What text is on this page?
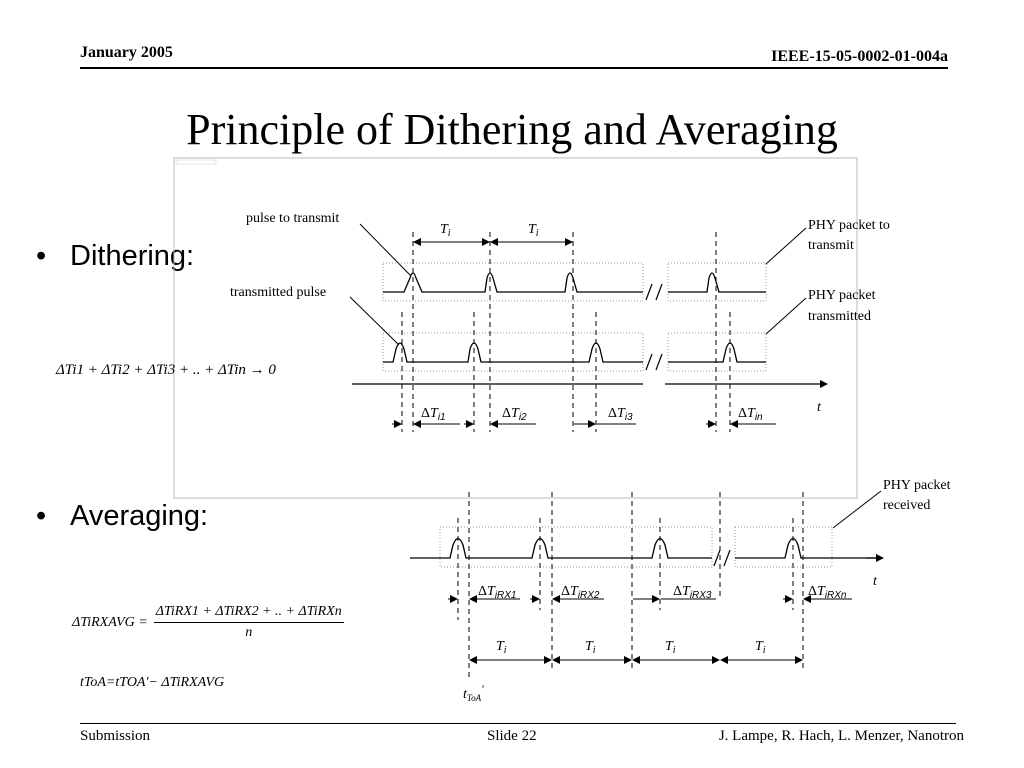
January 2005	IEEE-15-05-0002-01-004a
Principle of Dithering and Averaging
• Dithering:
• Averaging:
t
$T_i$	$T_i$
$\Delta T_{i1}$	$\Delta T_{i2}$	$\Delta T_{i3}$	$\Delta T_{in}$
pulse to transmit
transmitted pulse
PHY packet to
transmit
PHY packet
transmitted
PHY packet
received
t
$\Delta T_{iRX1}$	$\Delta T_{iRX2}$	$\Delta T_{iRX3}$	$\Delta T_{iRXn}$
$T_i$	$T_i$	$T_i$	$T_i$
$t_{ToA}'$
ΔTi1 + ΔTi2 + ΔTi3 + .. + ΔTin → 0
ΔTiRXAVG =
ΔTiRX1 + ΔTiRX2 + .. + ΔTiRXn
n
tToA=tTOA'− ΔTiRXAVG
Submission	Slide 22	J. Lampe, R. Hach, L. Menzer, Nanotron
